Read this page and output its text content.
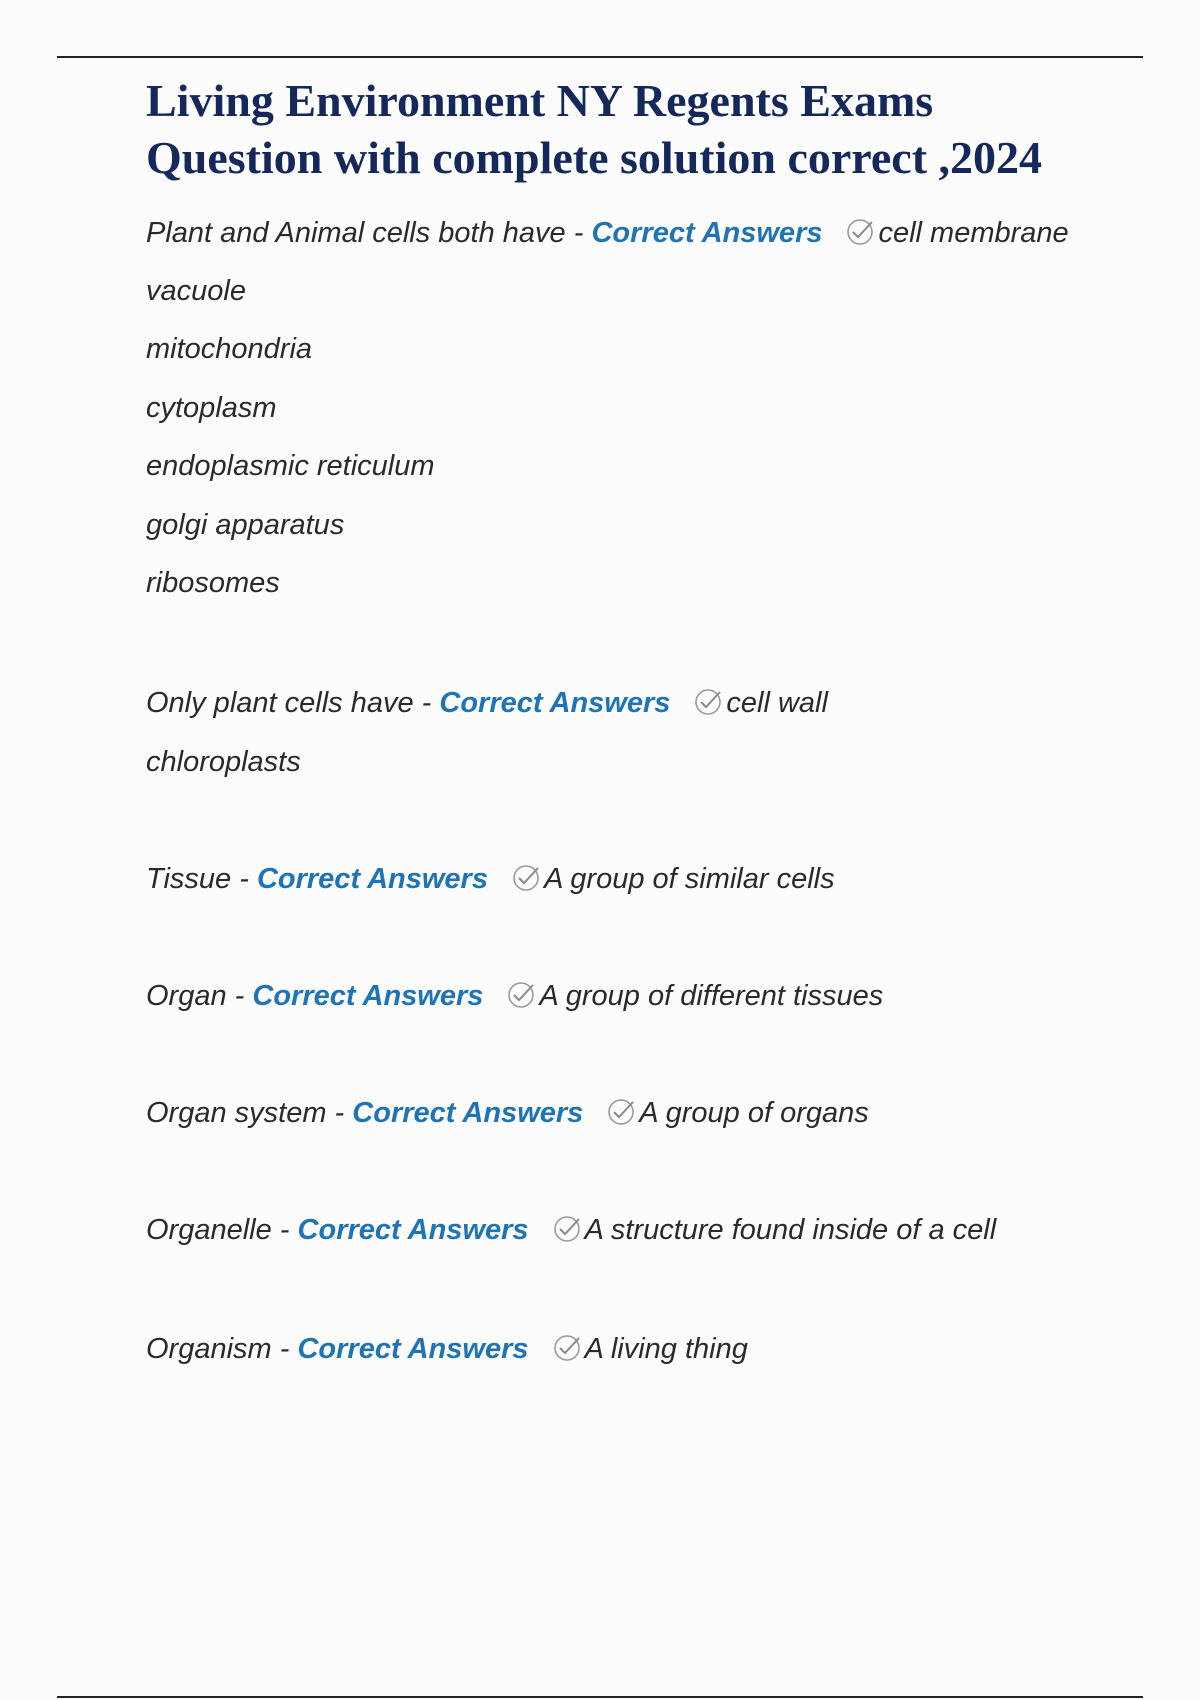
Living Environment NY Regents Exams
Question with complete solution correct ,2024
Plant and Animal cells both have - Correct Answers cell membrane
vacuole
mitochondria
cytoplasm
endoplasmic reticulum
golgi apparatus
ribosomes
Only plant cells have - Correct Answers cell wall
chloroplasts
Tissue - Correct Answers A group of similar cells
Organ - Correct Answers A group of different tissues
Organ system - Correct Answers A group of organs
Organelle - Correct Answers A structure found inside of a cell
Organism - Correct Answers A living thing
